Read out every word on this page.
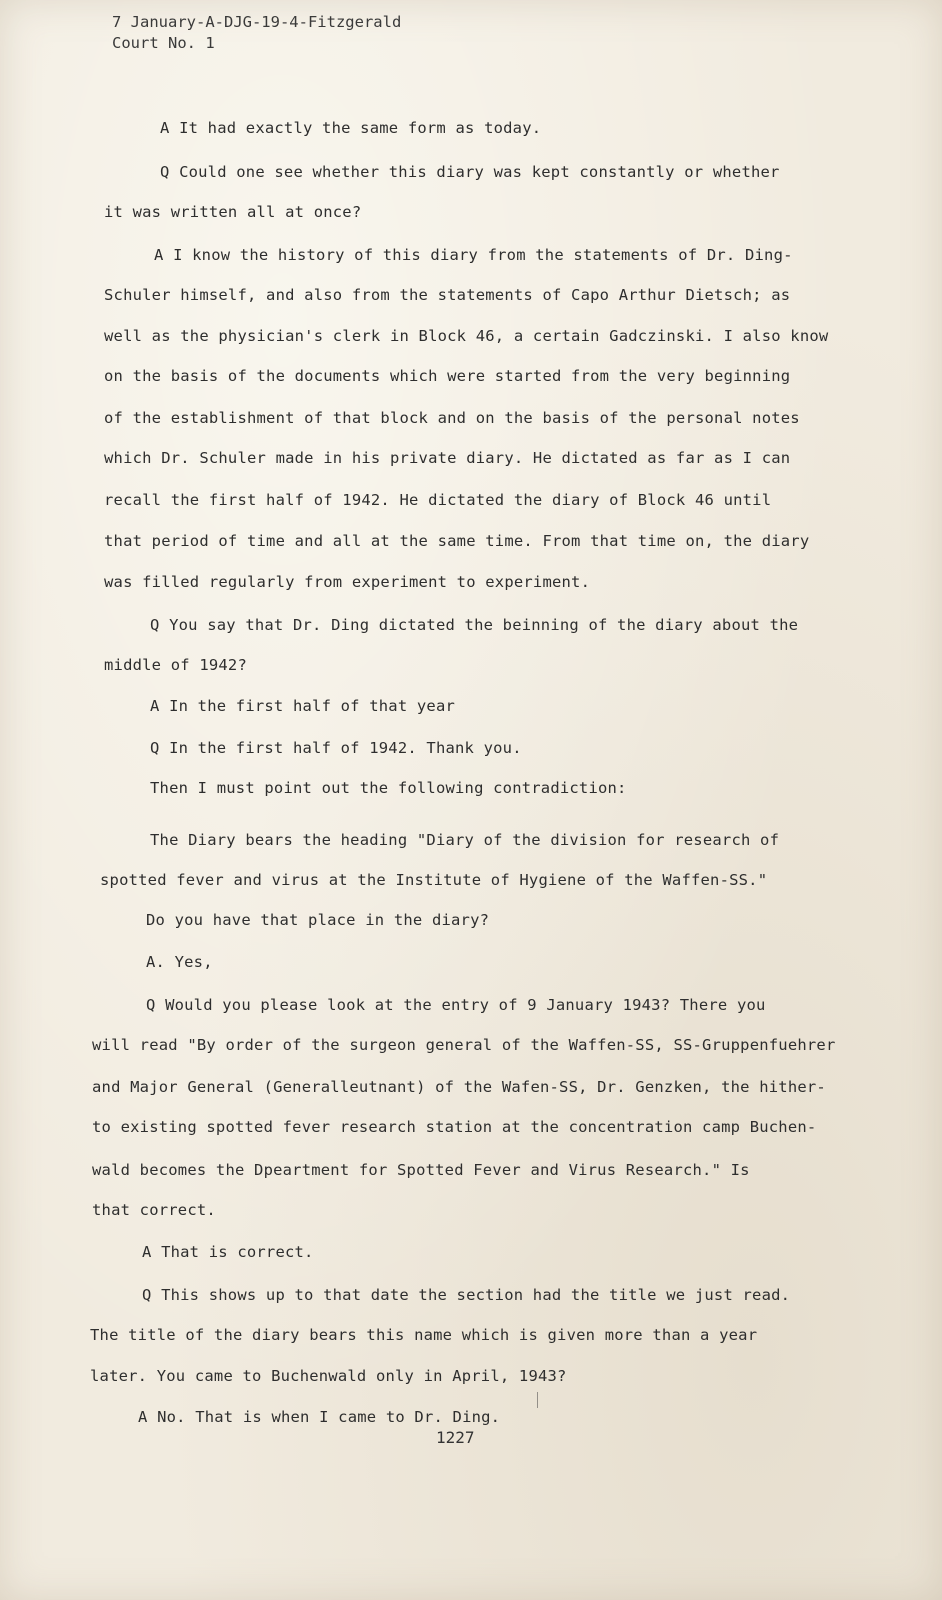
7 January-A-DJG-19-4-Fitzgerald
Court No. 1
A It had exactly the same form as today.
Q Could one see whether this diary was kept constantly or whether
it was written all at once?
A I know the history of this diary from the statements of Dr. Ding-
Schuler himself, and also from the statements of Capo Arthur Dietsch; as
well as the physician's clerk in Block 46, a certain Gadczinski. I also know
on the basis of the documents which were started from the very beginning
of the establishment of that block and on the basis of the personal notes
which Dr. Schuler made in his private diary. He dictated as far as I can
recall the first half of 1942. He dictated the diary of Block 46 until
that period of time and all at the same time. From that time on, the diary
was filled regularly from experiment to experiment.
Q You say that Dr. Ding dictated the beinning of the diary about the
middle of 1942?
A In the first half of that year
Q In the first half of 1942. Thank you.
Then I must point out the following contradiction:
The Diary bears the heading "Diary of the division for research of
spotted fever and virus at the Institute of Hygiene of the Waffen-SS."
Do you have that place in the diary?
A. Yes,
Q Would you please look at the entry of 9 January 1943? There you
will read "By order of the surgeon general of the Waffen-SS, SS-Gruppenfuehrer
and Major General (Generalleutnant) of the Wafen-SS, Dr. Genzken, the hither-
to existing spotted fever research station at the concentration camp Buchen-
wald becomes the Dpeartment for Spotted Fever and Virus Research." Is
that correct.
A That is correct.
Q This shows up to that date the section had the title we just read.
The title of the diary bears this name which is given more than a year
later. You came to Buchenwald only in April, 1943?
A No. That is when I came to Dr. Ding.
1227
